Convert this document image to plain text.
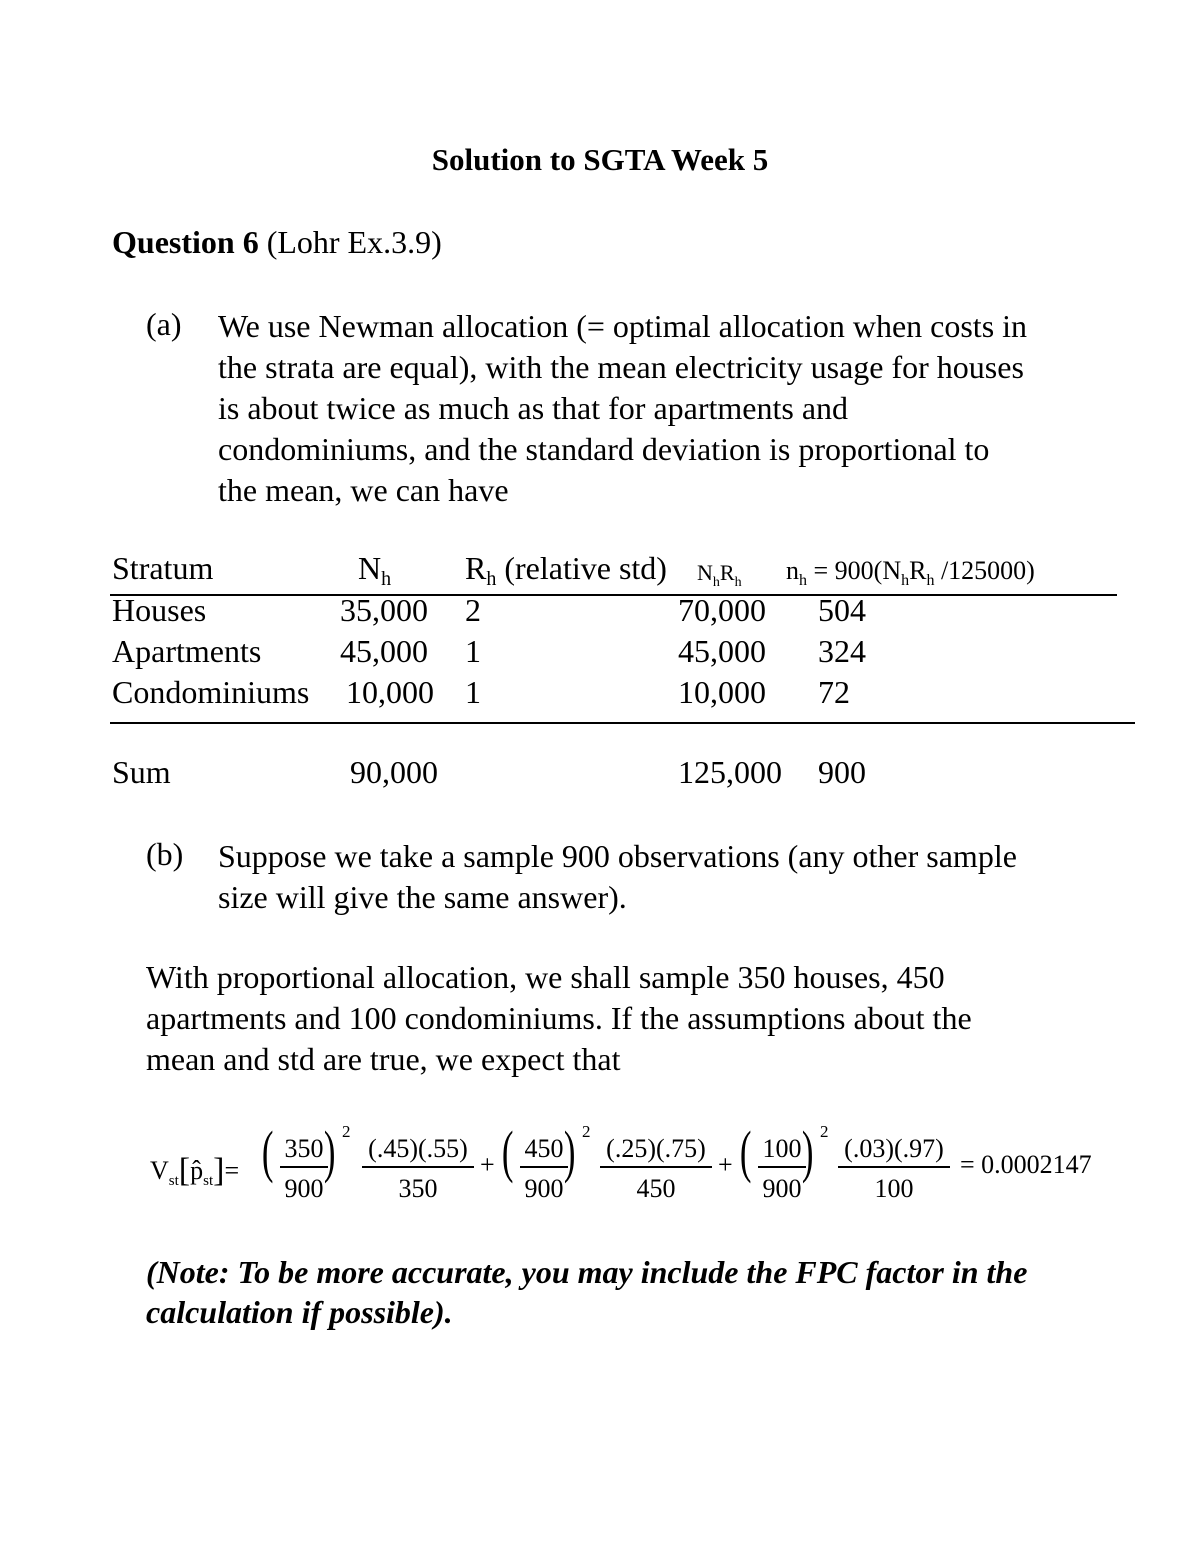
Solution to SGTA Week 5
Question 6 (Lohr Ex.3.9)
(a) We use Newman allocation (= optimal allocation when costs in
the strata are equal), with the mean electricity usage for houses
is about twice as much as that for apartments and
condominiums, and the standard deviation is proportional to
the mean, we can have
Stratum	Nh Rh (relative std) $N_hR_h$ $n_h = 900(N_hR_h$ /125000)
Houses	35,000 2	70,000 504
Apartments 45,000 1	45,000 324
Condominiums 10,000 1	10,000 72
Sum	90,000	125,000 900
(b) Suppose we take a sample 900 observations (any other sample
size will give the same answer).
With proportional allocation, we shall sample 350 houses, 450
apartments and 100 condominiums. If the assumptions about the
mean and std are true, we expect that
$V_{st}[p̂_{st}]=$ ( 350
900
) 2
(.45)(.55)
350
+ ( 450
900
) 2
(.25)(.75)
450
+ ( 100
900
) 2
(.03)(.97)
100
= 0.0002147
(Note: To be more accurate, you may include the FPC factor in the calculation if possible).
